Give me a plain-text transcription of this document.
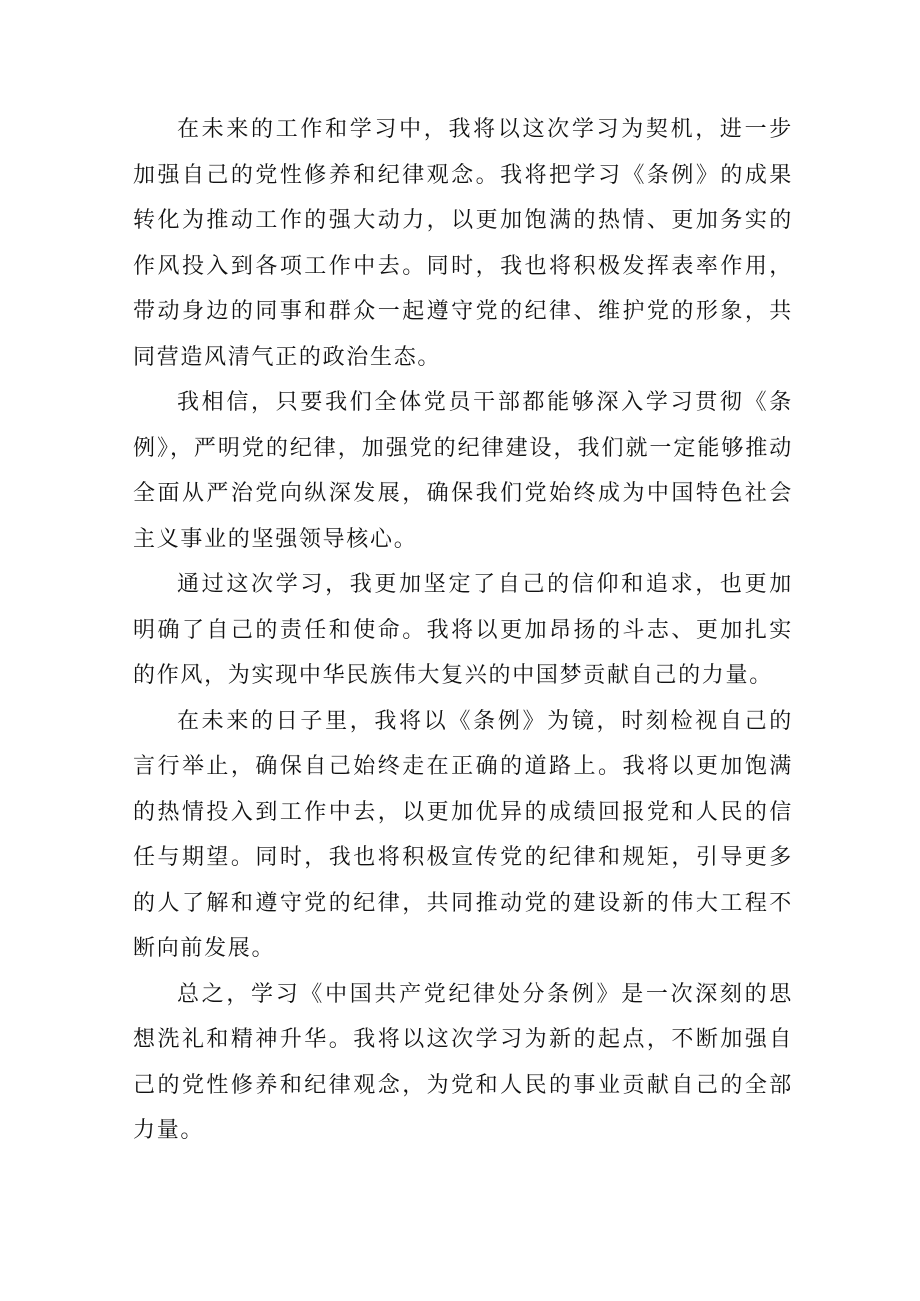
在未来的工作和学习中，我将以这次学习为契机，进一步加强自己的党性修养和纪律观念。我将把学习《条例》的成果转化为推动工作的强大动力，以更加饱满的热情、更加务实的作风投入到各项工作中去。同时，我也将积极发挥表率作用，带动身边的同事和群众一起遵守党的纪律、维护党的形象，共同营造风清气正的政治生态。

我相信，只要我们全体党员干部都能够深入学习贯彻《条例》，严明党的纪律，加强党的纪律建设，我们就一定能够推动全面从严治党向纵深发展，确保我们党始终成为中国特色社会主义事业的坚强领导核心。

通过这次学习，我更加坚定了自己的信仰和追求，也更加明确了自己的责任和使命。我将以更加昂扬的斗志、更加扎实的作风，为实现中华民族伟大复兴的中国梦贡献自己的力量。

在未来的日子里，我将以《条例》为镜，时刻检视自己的言行举止，确保自己始终走在正确的道路上。我将以更加饱满的热情投入到工作中去，以更加优异的成绩回报党和人民的信任与期望。同时，我也将积极宣传党的纪律和规矩，引导更多的人了解和遵守党的纪律，共同推动党的建设新的伟大工程不断向前发展。

总之，学习《中国共产党纪律处分条例》是一次深刻的思想洗礼和精神升华。我将以这次学习为新的起点，不断加强自己的党性修养和纪律观念，为党和人民的事业贡献自己的全部力量。
